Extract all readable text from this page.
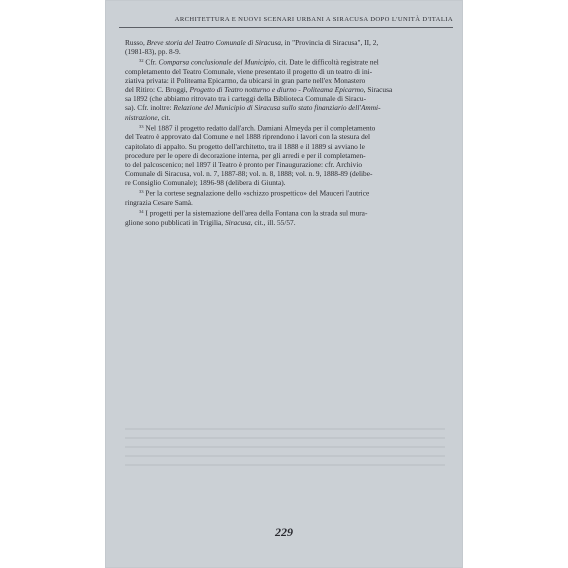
ARCHITETTURA E NUOVI SCENARI URBANI A SIRACUSA DOPO L'UNITÀ D'ITALIA

Russo, Breve storia del Teatro Comunale di Siracusa, in "Provincia di Siracusa", II, 2,

(1981-83), pp. 8-9.

$^{32}$ Cfr. Comparsa conclusionale del Municipio, cit. Date le difficoltà registrate nel

completamento del Teatro Comunale, viene presentato il progetto di un teatro di ini-

ziativa privata: il Politeama Epicarmo, da ubicarsi in gran parte nell'ex Monastero

del Ritiro: C. Broggi, Progetto di Teatro notturno e diurno - Politeama Epicarmo, Siracusa

sa 1892 (che abbiamo ritrovato tra i carteggi della Biblioteca Comunale di Siracu-

sa). Cfr. inoltre: Relazione del Municipio di Siracusa sullo stato finanziario dell'Ammi-

nistrazione, cit.

$^{33}$ Nel 1887 il progetto redatto dall'arch. Damiani Almeyda per il completamento

del Teatro è approvato dal Comune e nel 1888 riprendono i lavori con la stesura del

capitolato di appalto. Su progetto dell'architetto, tra il 1888 e il 1889 si avviano le

procedure per le opere di decorazione interna, per gli arredi e per il completamen-

to del palcoscenico; nel 1897 il Teatro è pronto per l'inaugurazione: cfr. Archivio

Comunale di Siracusa, vol. n. 7, 1887-88; vol. n. 8, 1888; vol. n. 9, 1888-89 (delibe-

re Consiglio Comunale); 1896-98 (delibera di Giunta).

$^{33}$ Per la cortese segnalazione dello «schizzo prospettico» del Mauceri l'autrice

ringrazia Cesare Samà.

$^{34}$ I progetti per la sistemazione dell'area della Fontana con la strada sul mura-

glione sono pubblicati in Trigilia, Siracusa, cit., ill. 55/57.

229
